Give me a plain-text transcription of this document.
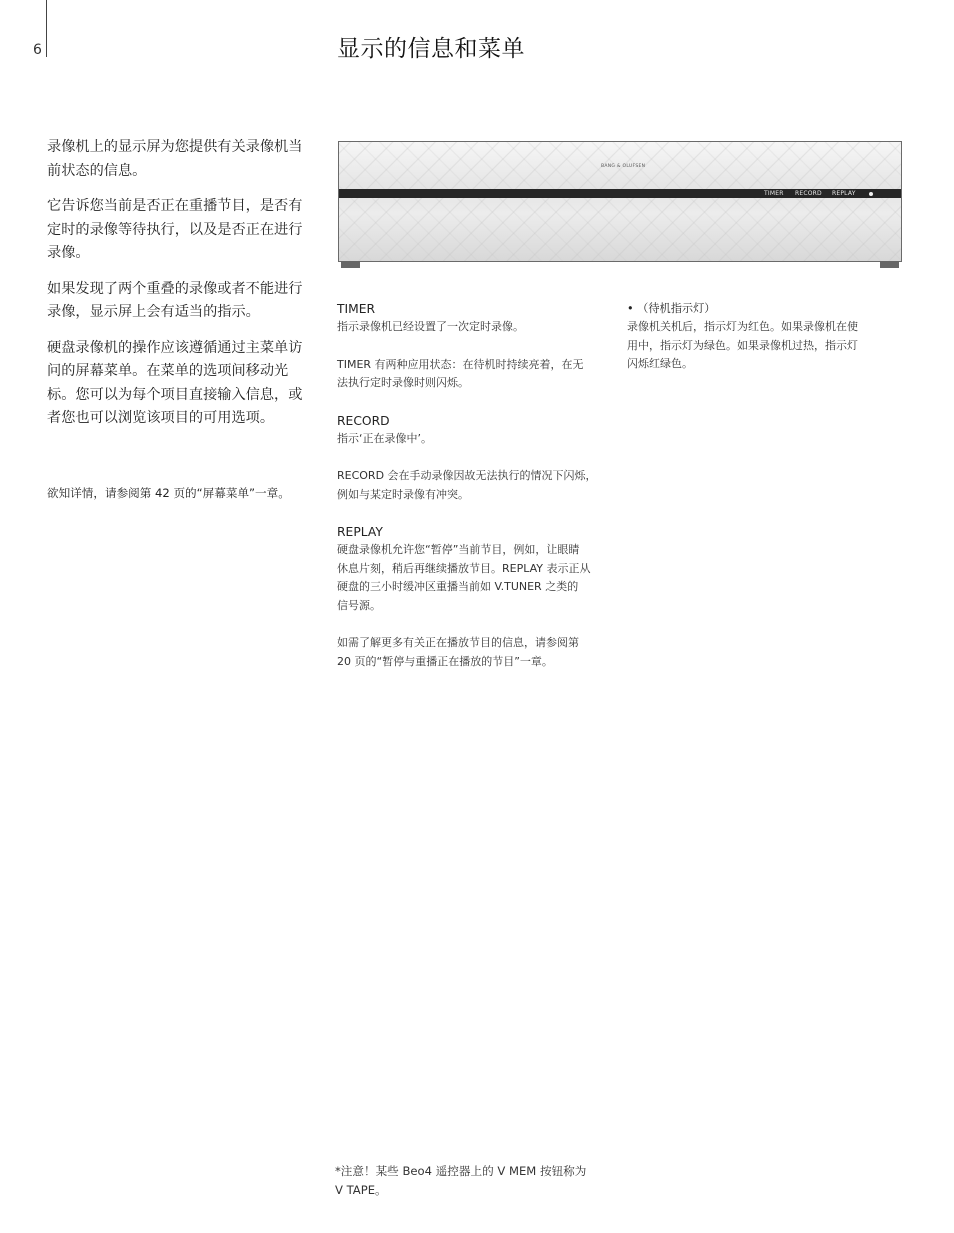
6	显示的信息和菜单

录像机上的显示屏为您提供有关录像机当前状态的信息。

它告诉您当前是否正在重播节目，是否有定时的录像等待执行，以及是否正在进行录像。

如果发现了两个重叠的录像或者不能进行录像，显示屏上会有适当的指示。

硬盘录像机的操作应该遵循通过主菜单访问的屏幕菜单。在菜单的选项间移动光标。您可以为每个项目直接输入信息，或者您也可以浏览该项目的可用选项。

欲知详情，请参阅第 42 页的“屏幕菜单”一章。

BANG & OLUFSEN
TIMER RECORD REPLAY
TIMER
指示录像机已经设置了一次定时录像。
TIMER 有两种应用状态：在待机时持续亮着，在无
法执行定时录像时则闪烁。
RECORD
指示‘正在录像中’。
RECORD 会在手动录像因故无法执行的情况下闪烁，
例如与某定时录像有冲突。
REPLAY
硬盘录像机允许您“暂停”当前节目，例如，让眼睛
休息片刻，稍后再继续播放节目。REPLAY 表示正从
硬盘的三小时缓冲区重播当前如 V.TUNER 之类的
信号源。
如需了解更多有关正在播放节目的信息，请参阅第
20 页的“暂停与重播正在播放的节目”一章。
• （待机指示灯）
录像机关机后，指示灯为红色。如果录像机在使
用中，指示灯为绿色。如果录像机过热，指示灯
闪烁红绿色。
*注意！某些 Beo4 遥控器上的 V MEM 按钮称为
V TAPE。
